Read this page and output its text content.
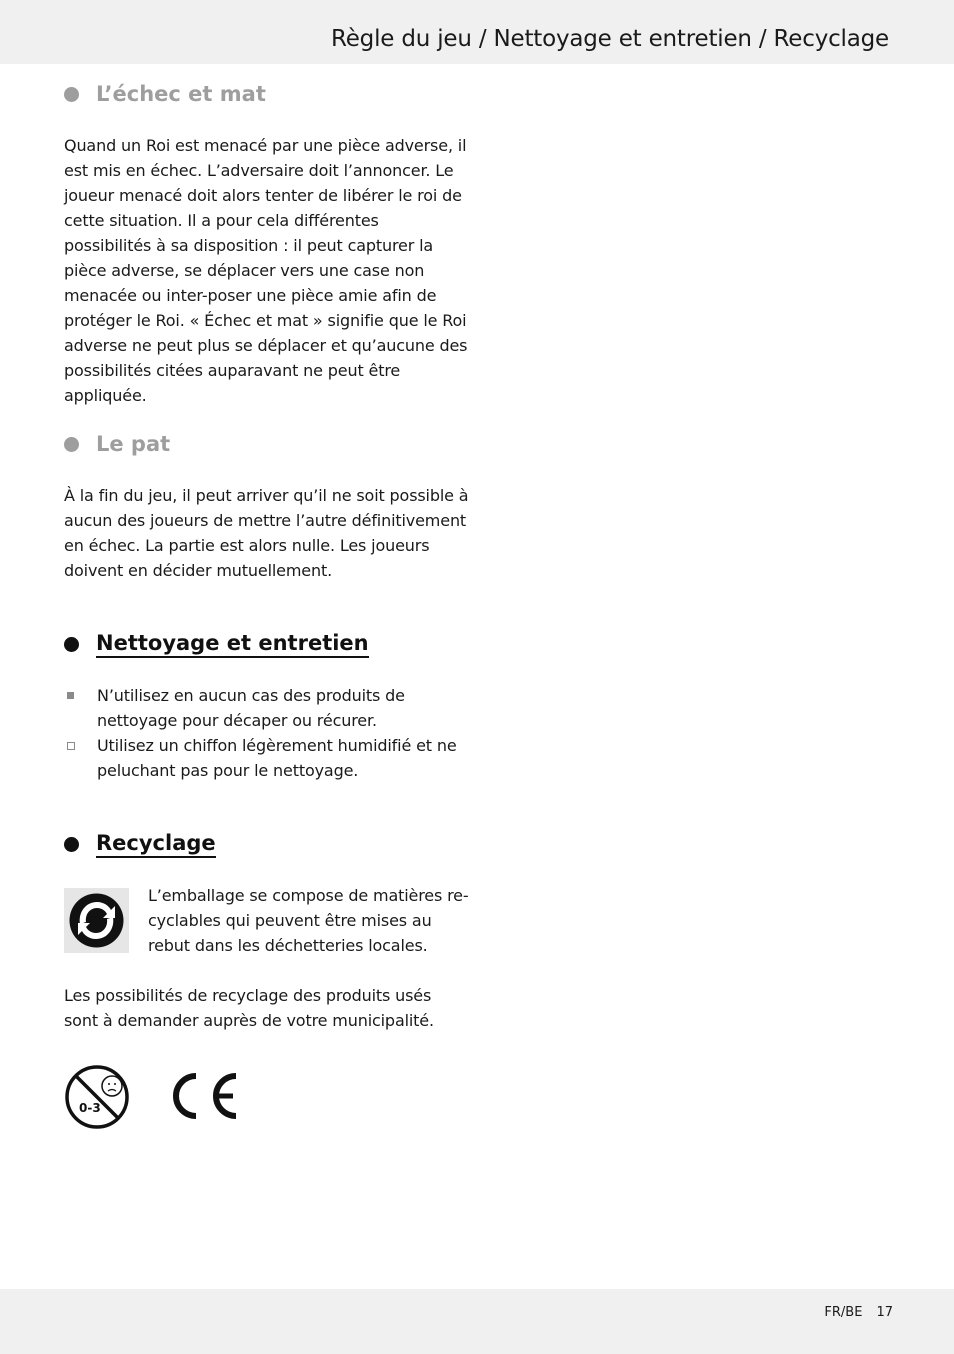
Règle du jeu / Nettoyage et entretien / Recyclage
L’échec et mat

Quand un Roi est menacé par une pièce adverse, il est mis en échec. L’adversaire doit l’annoncer. Le joueur menacé doit alors tenter de libérer le roi de cette situation. Il a pour cela différentes possibilités à sa disposition : il peut capturer la pièce adverse, se déplacer vers une case non menacée ou inter-poser une pièce amie afin de protéger le Roi. « Échec et mat » signifie que le Roi adverse ne peut plus se déplacer et qu’aucune des possibilités citées auparavant ne peut être appliquée.

Le pat

À la fin du jeu, il peut arriver qu’il ne soit possible à aucun des joueurs de mettre l’autre définitivement en échec. La partie est alors nulle. Les joueurs doivent en décider mutuellement.

Nettoyage et entretien
N’utilisez en aucun cas des produits de nettoyage pour décaper ou récurer.
Utilisez un chiffon légèrement humidifié et ne peluchant pas pour le nettoyage.
Recyclage

L’emballage se compose de matières re-cyclables qui peuvent être mises au rebut dans les déchetteries locales.

Les possibilités de recyclage des produits usés sont à demander auprès de votre municipalité.

0-3
FR/BE 17
